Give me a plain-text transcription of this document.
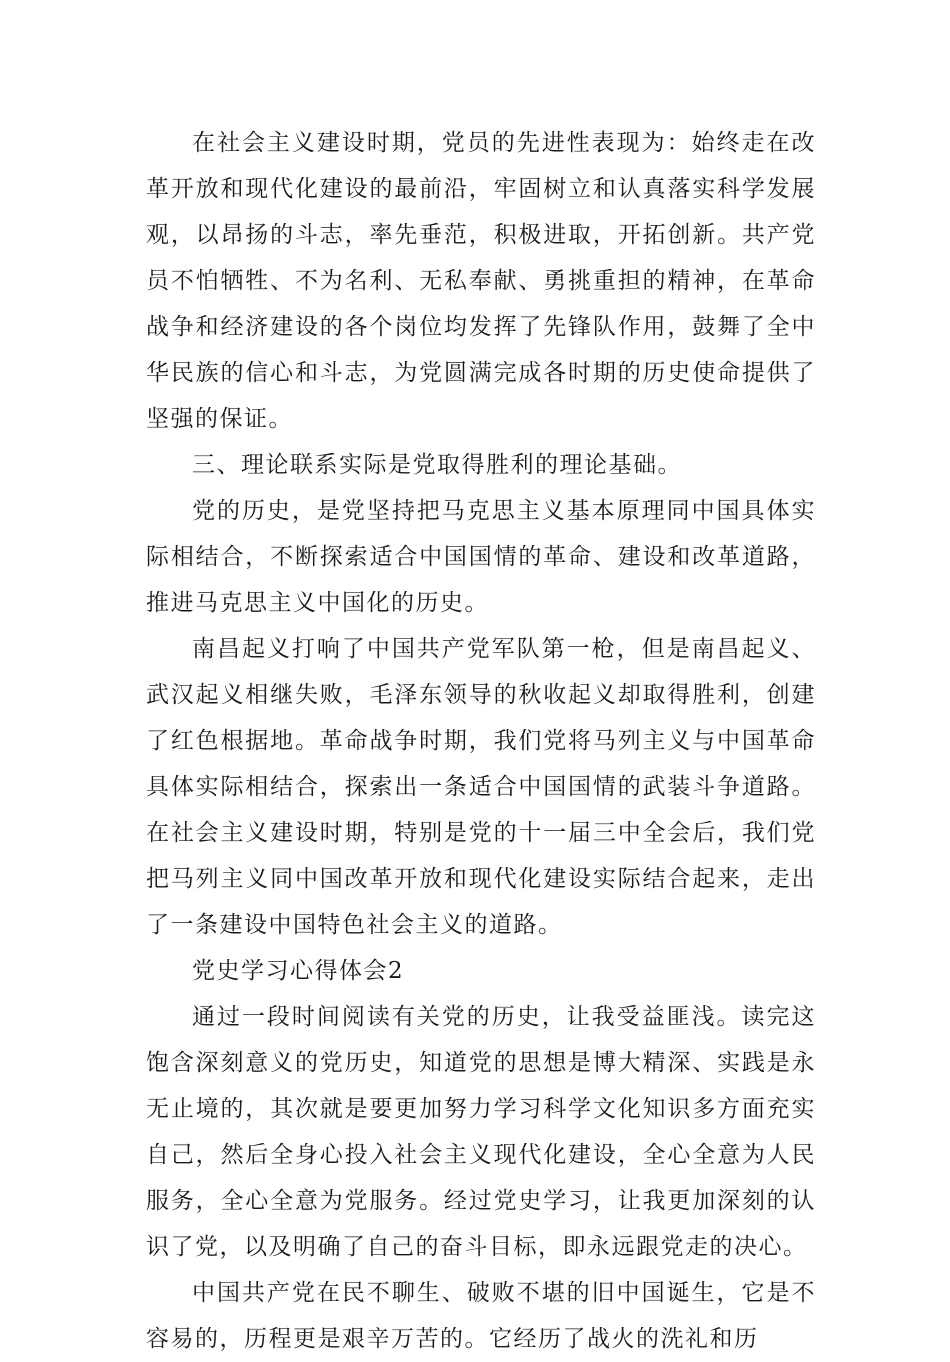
在社会主义建设时期，党员的先进性表现为：始终走在改革开放和现代化建设的最前沿，牢固树立和认真落实科学发展观，以昂扬的斗志，率先垂范，积极进取，开拓创新。共产党员不怕牺牲、不为名利、无私奉献、勇挑重担的精神，在革命战争和经济建设的各个岗位均发挥了先锋队作用，鼓舞了全中华民族的信心和斗志，为党圆满完成各时期的历史使命提供了坚强的保证。

三、理论联系实际是党取得胜利的理论基础。

党的历史，是党坚持把马克思主义基本原理同中国具体实际相结合，不断探索适合中国国情的革命、建设和改革道路，推进马克思主义中国化的历史。

南昌起义打响了中国共产党军队第一枪，但是南昌起义、武汉起义相继失败，毛泽东领导的秋收起义却取得胜利，创建了红色根据地。革命战争时期，我们党将马列主义与中国革命具体实际相结合，探索出一条适合中国国情的武装斗争道路。在社会主义建设时期，特别是党的十一届三中全会后，我们党把马列主义同中国改革开放和现代化建设实际结合起来，走出了一条建设中国特色社会主义的道路。

党史学习心得体会2

通过一段时间阅读有关党的历史，让我受益匪浅。读完这饱含深刻意义的党历史，知道党的思想是博大精深、实践是永无止境的，其次就是要更加努力学习科学文化知识多方面充实自己，然后全身心投入社会主义现代化建设，全心全意为人民服务，全心全意为党服务。经过党史学习，让我更加深刻的认识了党，以及明确了自己的奋斗目标，即永远跟党走的决心。

中国共产党在民不聊生、破败不堪的旧中国诞生，它是不容易的，历程更是艰辛万苦的。它经历了战火的洗礼和历
